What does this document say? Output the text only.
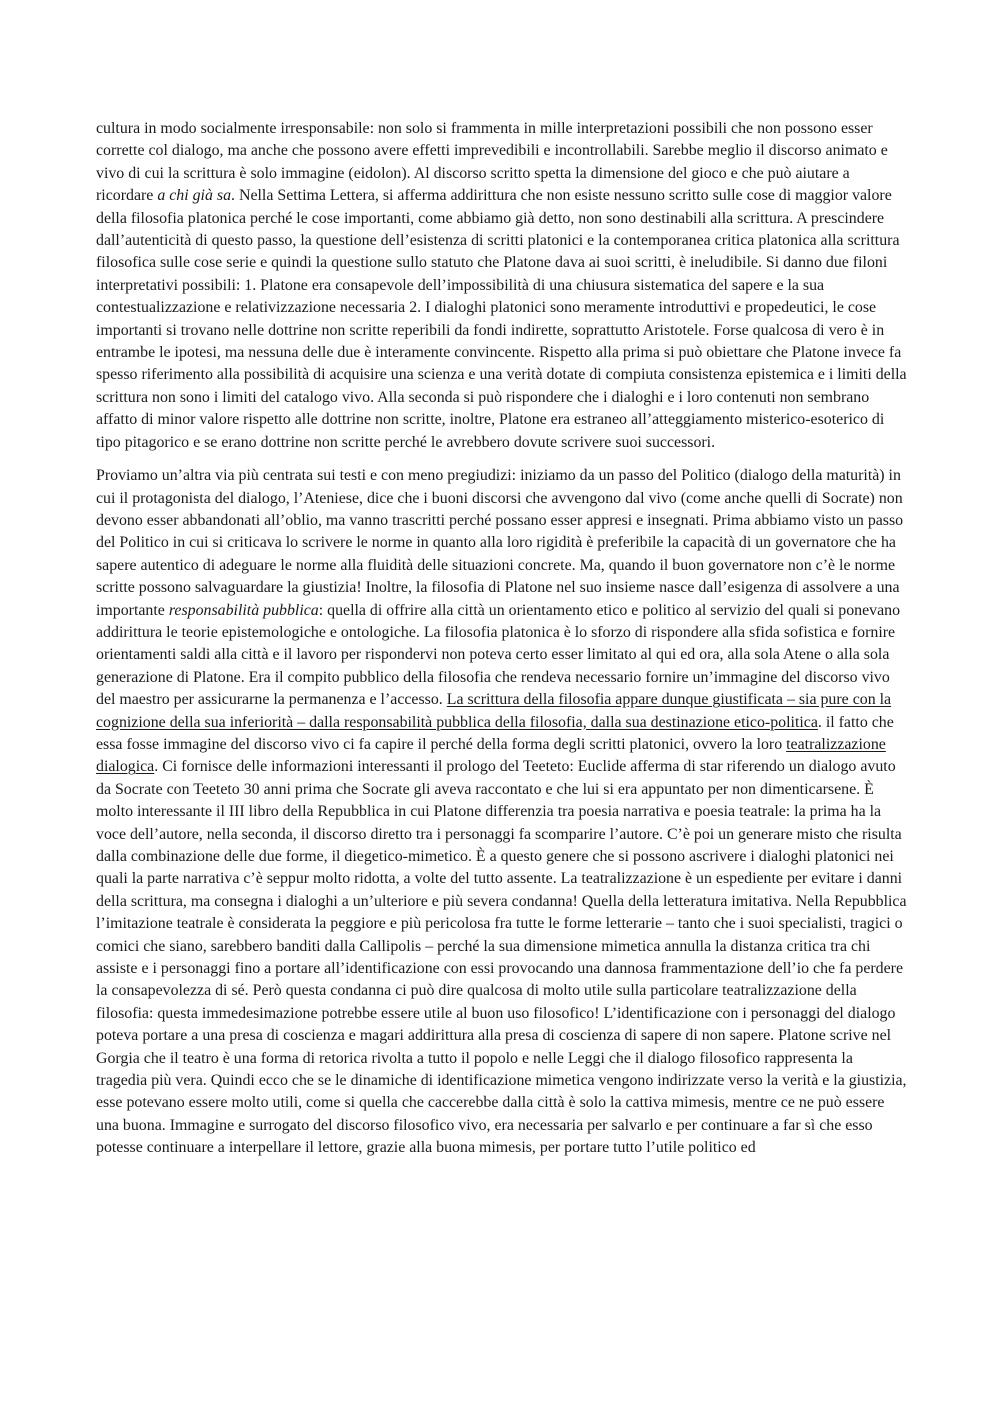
cultura in modo socialmente irresponsabile: non solo si frammenta in mille interpretazioni possibili che non possono esser corrette col dialogo, ma anche che possono avere effetti imprevedibili e incontrollabili. Sarebbe meglio il discorso animato e vivo di cui la scrittura è solo immagine (eidolon). Al discorso scritto spetta la dimensione del gioco e che può aiutare a ricordare a chi già sa. Nella Settima Lettera, si afferma addirittura che non esiste nessuno scritto sulle cose di maggior valore della filosofia platonica perché le cose importanti, come abbiamo già detto, non sono destinabili alla scrittura. A prescindere dall’autenticità di questo passo, la questione dell’esistenza di scritti platonici e la contemporanea critica platonica alla scrittura filosofica sulle cose serie e quindi la questione sullo statuto che Platone dava ai suoi scritti, è ineludibile. Si danno due filoni interpretativi possibili: 1. Platone era consapevole dell’impossibilità di una chiusura sistematica del sapere e la sua contestualizzazione e relativizzazione necessaria 2. I dialoghi platonici sono meramente introduttivi e propedeutici, le cose importanti si trovano nelle dottrine non scritte reperibili da fondi indirette, soprattutto Aristotele. Forse qualcosa di vero è in entrambe le ipotesi, ma nessuna delle due è interamente convincente. Rispetto alla prima si può obiettare che Platone invece fa spesso riferimento alla possibilità di acquisire una scienza e una verità dotate di compiuta consistenza epistemica e i limiti della scrittura non sono i limiti del catalogo vivo. Alla seconda si può rispondere che i dialoghi e i loro contenuti non sembrano affatto di minor valore rispetto alle dottrine non scritte, inoltre, Platone era estraneo all’atteggiamento misterico-esoterico di tipo pitagorico e se erano dottrine non scritte perché le avrebbero dovute scrivere suoi successori.

Proviamo un’altra via più centrata sui testi e con meno pregiudizi: iniziamo da un passo del Politico (dialogo della maturità) in cui il protagonista del dialogo, l’Ateniese, dice che i buoni discorsi che avvengono dal vivo (come anche quelli di Socrate) non devono esser abbandonati all’oblio, ma vanno trascritti perché possano esser appresi e insegnati. Prima abbiamo visto un passo del Politico in cui si criticava lo scrivere le norme in quanto alla loro rigidità è preferibile la capacità di un governatore che ha sapere autentico di adeguare le norme alla fluidità delle situazioni concrete. Ma, quando il buon governatore non c’è le norme scritte possono salvaguardare la giustizia! Inoltre, la filosofia di Platone nel suo insieme nasce dall’esigenza di assolvere a una importante responsabilità pubblica: quella di offrire alla città un orientamento etico e politico al servizio del quali si ponevano addirittura le teorie epistemologiche e ontologiche. La filosofia platonica è lo sforzo di rispondere alla sfida sofistica e fornire orientamenti saldi alla città e il lavoro per rispondervi non poteva certo esser limitato al qui ed ora, alla sola Atene o alla sola generazione di Platone. Era il compito pubblico della filosofia che rendeva necessario fornire un’immagine del discorso vivo del maestro per assicurarne la permanenza e l’accesso. La scrittura della filosofia appare dunque giustificata – sia pure con la cognizione della sua inferiorità – dalla responsabilità pubblica della filosofia, dalla sua destinazione etico-politica. il fatto che essa fosse immagine del discorso vivo ci fa capire il perché della forma degli scritti platonici, ovvero la loro teatralizzazione dialogica. Ci fornisce delle informazioni interessanti il prologo del Teeteto: Euclide afferma di star riferendo un dialogo avuto da Socrate con Teeteto 30 anni prima che Socrate gli aveva raccontato e che lui si era appuntato per non dimenticarsene. È molto interessante il III libro della Repubblica in cui Platone differenzia tra poesia narrativa e poesia teatrale: la prima ha la voce dell’autore, nella seconda, il discorso diretto tra i personaggi fa scomparire l’autore. C’è poi un generare misto che risulta dalla combinazione delle due forme, il diegetico-mimetico. È a questo genere che si possono ascrivere i dialoghi platonici nei quali la parte narrativa c’è seppur molto ridotta, a volte del tutto assente. La teatralizzazione è un espediente per evitare i danni della scrittura, ma consegna i dialoghi a un’ulteriore e più severa condanna! Quella della letteratura imitativa. Nella Repubblica l’imitazione teatrale è considerata la peggiore e più pericolosa fra tutte le forme letterarie – tanto che i suoi specialisti, tragici o comici che siano, sarebbero banditi dalla Callipolis – perché la sua dimensione mimetica annulla la distanza critica tra chi assiste e i personaggi fino a portare all’identificazione con essi provocando una dannosa frammentazione dell’io che fa perdere la consapevolezza di sé. Però questa condanna ci può dire qualcosa di molto utile sulla particolare teatralizzazione della filosofia: questa immedesimazione potrebbe essere utile al buon uso filosofico! L’identificazione con i personaggi del dialogo poteva portare a una presa di coscienza e magari addirittura alla presa di coscienza di sapere di non sapere. Platone scrive nel Gorgia che il teatro è una forma di retorica rivolta a tutto il popolo e nelle Leggi che il dialogo filosofico rappresenta la tragedia più vera. Quindi ecco che se le dinamiche di identificazione mimetica vengono indirizzate verso la verità e la giustizia, esse potevano essere molto utili, come si quella che caccerebbe dalla città è solo la cattiva mimesis, mentre ce ne può essere una buona. Immagine e surrogato del discorso filosofico vivo, era necessaria per salvarlo e per continuare a far sì che esso potesse continuare a interpellare il lettore, grazie alla buona mimesis, per portare tutto l’utile politico ed
